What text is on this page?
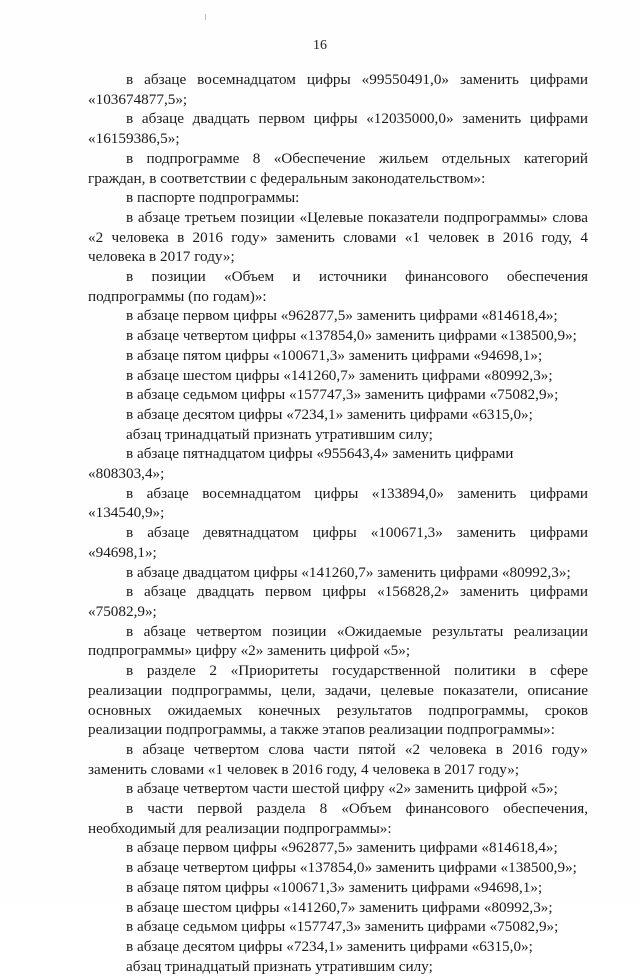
16

в абзаце восемнадцатом цифры «99550491,0» заменить цифрами «103674877,5»;

в абзаце двадцать первом цифры «12035000,0» заменить цифрами «16159386,5»;

в подпрограмме 8 «Обеспечение жильем отдельных категорий граждан, в соответствии с федеральным законодательством»:

в паспорте подпрограммы:

в абзаце третьем позиции «Целевые показатели подпрограммы» слова «2 человека в 2016 году» заменить словами «1 человек в 2016 году, 4 человека в 2017 году»;

в позиции «Объем и источники финансового обеспечения подпрограммы (по годам)»:

в абзаце первом цифры «962877,5» заменить цифрами «814618,4»;

в абзаце четвертом цифры «137854,0» заменить цифрами «138500,9»;

в абзаце пятом цифры «100671,3» заменить цифрами «94698,1»;

в абзаце шестом цифры «141260,7» заменить цифрами «80992,3»;

в абзаце седьмом цифры «157747,3» заменить цифрами «75082,9»;

в абзаце десятом цифры «7234,1» заменить цифрами «6315,0»;

абзац тринадцатый признать утратившим силу;

в абзаце пятнадцатом цифры «955643,4» заменить цифрами «808303,4»;

в абзаце восемнадцатом цифры «133894,0» заменить цифрами «134540,9»;

в абзаце девятнадцатом цифры «100671,3» заменить цифрами «94698,1»;

в абзаце двадцатом цифры «141260,7» заменить цифрами «80992,3»;

в абзаце двадцать первом цифры «156828,2» заменить цифрами «75082,9»;

в абзаце четвертом позиции «Ожидаемые результаты реализации подпрограммы» цифру «2» заменить цифрой «5»;

в разделе 2 «Приоритеты государственной политики в сфере реализации подпрограммы, цели, задачи, целевые показатели, описание основных ожидаемых конечных результатов подпрограммы, сроков реализации подпрограммы, а также этапов реализации подпрограммы»:

в абзаце четвертом слова части пятой «2 человека в 2016 году» заменить словами «1 человек в 2016 году, 4 человека в 2017 году»;

в абзаце четвертом части шестой цифру «2» заменить цифрой «5»;

в части первой раздела 8 «Объем финансового обеспечения, необходимый для реализации подпрограммы»:

в абзаце первом цифры «962877,5» заменить цифрами «814618,4»;

в абзаце четвертом цифры «137854,0» заменить цифрами «138500,9»;

в абзаце пятом цифры «100671,3» заменить цифрами «94698,1»;

в абзаце шестом цифры «141260,7» заменить цифрами «80992,3»;

в абзаце седьмом цифры «157747,3» заменить цифрами «75082,9»;

в абзаце десятом цифры «7234,1» заменить цифрами «6315,0»;

абзац тринадцатый признать утратившим силу;
